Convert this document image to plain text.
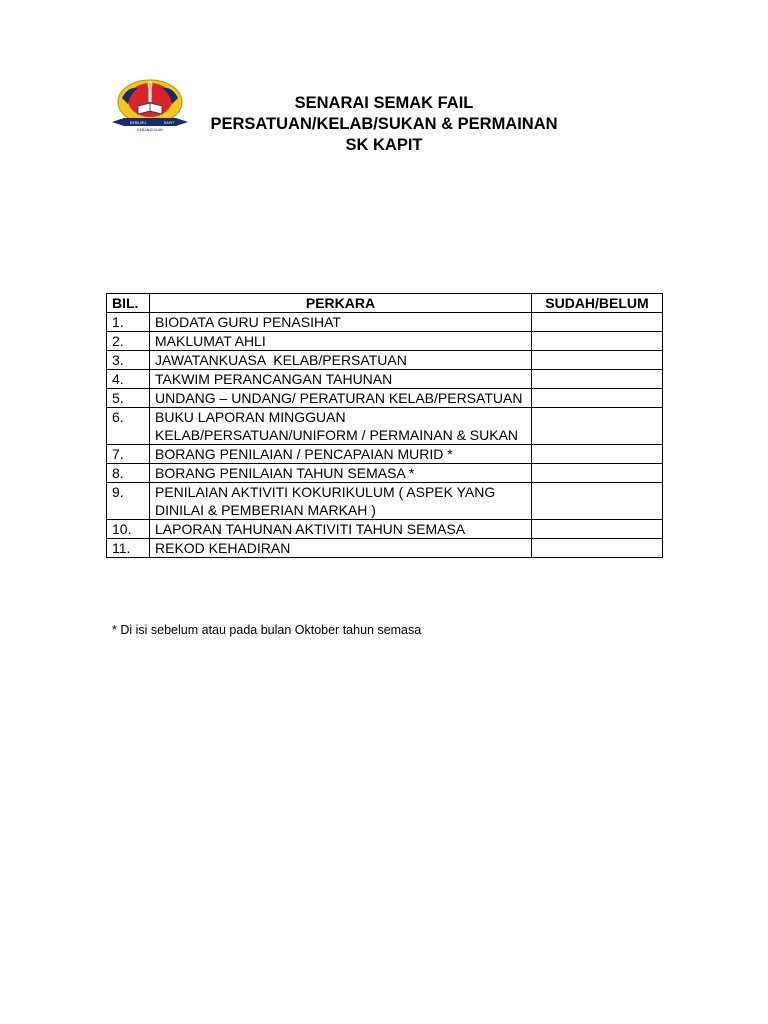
BERILMU
KEBANGGAAN
KAPIT
SENARAI SEMAK FAIL
PERSATUAN/KELAB/SUKAN & PERMAINAN
SK KAPIT
BIL.	PERKARA	SUDAH/BELUM
1.	BIODATA GURU PENASIHAT	
2.	MAKLUMAT AHLI	
3.	JAWATANKUASA  KELAB/PERSATUAN	
4.	TAKWIM PERANCANGAN TAHUNAN	
5.	UNDANG – UNDANG/ PERATURAN KELAB/PERSATUAN	
6.	BUKU LAPORAN MINGGUAN KELAB/PERSATUAN/UNIFORM / PERMAINAN & SUKAN	
7.	BORANG PENILAIAN / PENCAPAIAN MURID *	
8.	BORANG PENILAIAN TAHUN SEMASA *	
9.	PENILAIAN AKTIVITI KOKURIKULUM ( ASPEK YANG DINILAI & PEMBERIAN MARKAH )	
10.	LAPORAN TAHUNAN AKTIVITI TAHUN SEMASA	
11.	REKOD KEHADIRAN	
* Di isi sebelum atau pada bulan Oktober tahun semasa
